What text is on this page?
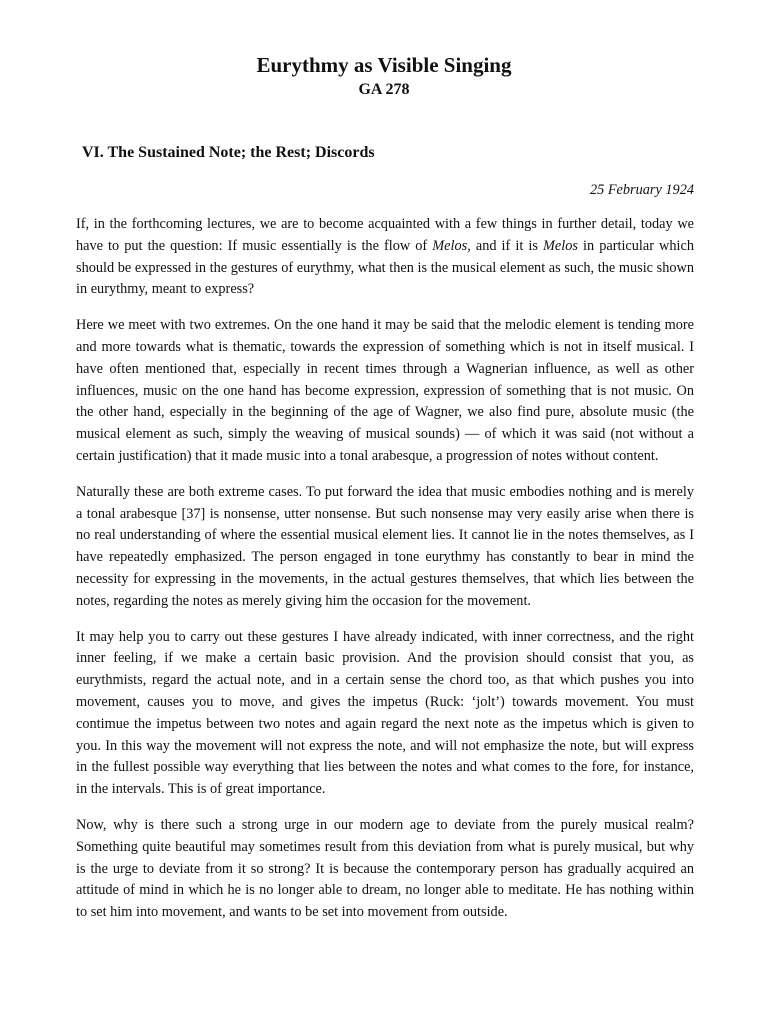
Eurythmy as Visible Singing
GA 278
VI. The Sustained Note; the Rest; Discords
25 February 1924

If, in the forthcoming lectures, we are to become acquainted with a few things in further detail, today we have to put the question: If music essentially is the flow of Melos, and if it is Melos in particular which should be expressed in the gestures of eurythmy, what then is the musical element as such, the music shown in eurythmy, meant to express?

Here we meet with two extremes. On the one hand it may be said that the melodic element is tending more and more towards what is thematic, towards the expression of something which is not in itself musical. I have often mentioned that, especially in recent times through a Wagnerian influence, as well as other influences, music on the one hand has become expression, expression of something that is not music. On the other hand, especially in the beginning of the age of Wagner, we also find pure, absolute music (the musical element as such, simply the weaving of musical sounds) — of which it was said (not without a certain justification) that it made music into a tonal arabesque, a progression of notes without content.

Naturally these are both extreme cases. To put forward the idea that music embodies nothing and is merely a tonal arabesque [37] is nonsense, utter nonsense. But such nonsense may very easily arise when there is no real understanding of where the essential musical element lies. It cannot lie in the notes themselves, as I have repeatedly emphasized. The person engaged in tone eurythmy has constantly to bear in mind the necessity for expressing in the movements, in the actual gestures themselves, that which lies between the notes, regarding the notes as merely giving him the occasion for the movement.

It may help you to carry out these gestures I have already indicated, with inner correctness, and the right inner feeling, if we make a certain basic provision. And the provision should consist that you, as eurythmists, regard the actual note, and in a certain sense the chord too, as that which pushes you into movement, causes you to move, and gives the impetus (Ruck: ‘jolt’) towards movement. You must contimue the impetus between two notes and again regard the next note as the impetus which is given to you. In this way the movement will not express the note, and will not emphasize the note, but will express in the fullest possible way everything that lies between the notes and what comes to the fore, for instance, in the intervals. This is of great importance.

Now, why is there such a strong urge in our modern age to deviate from the purely musical realm? Something quite beautiful may sometimes result from this deviation from what is purely musical, but why is the urge to deviate from it so strong? It is because the contemporary person has gradually acquired an attitude of mind in which he is no longer able to dream, no longer able to meditate. He has nothing within to set him into movement, and wants to be set into movement from outside.
